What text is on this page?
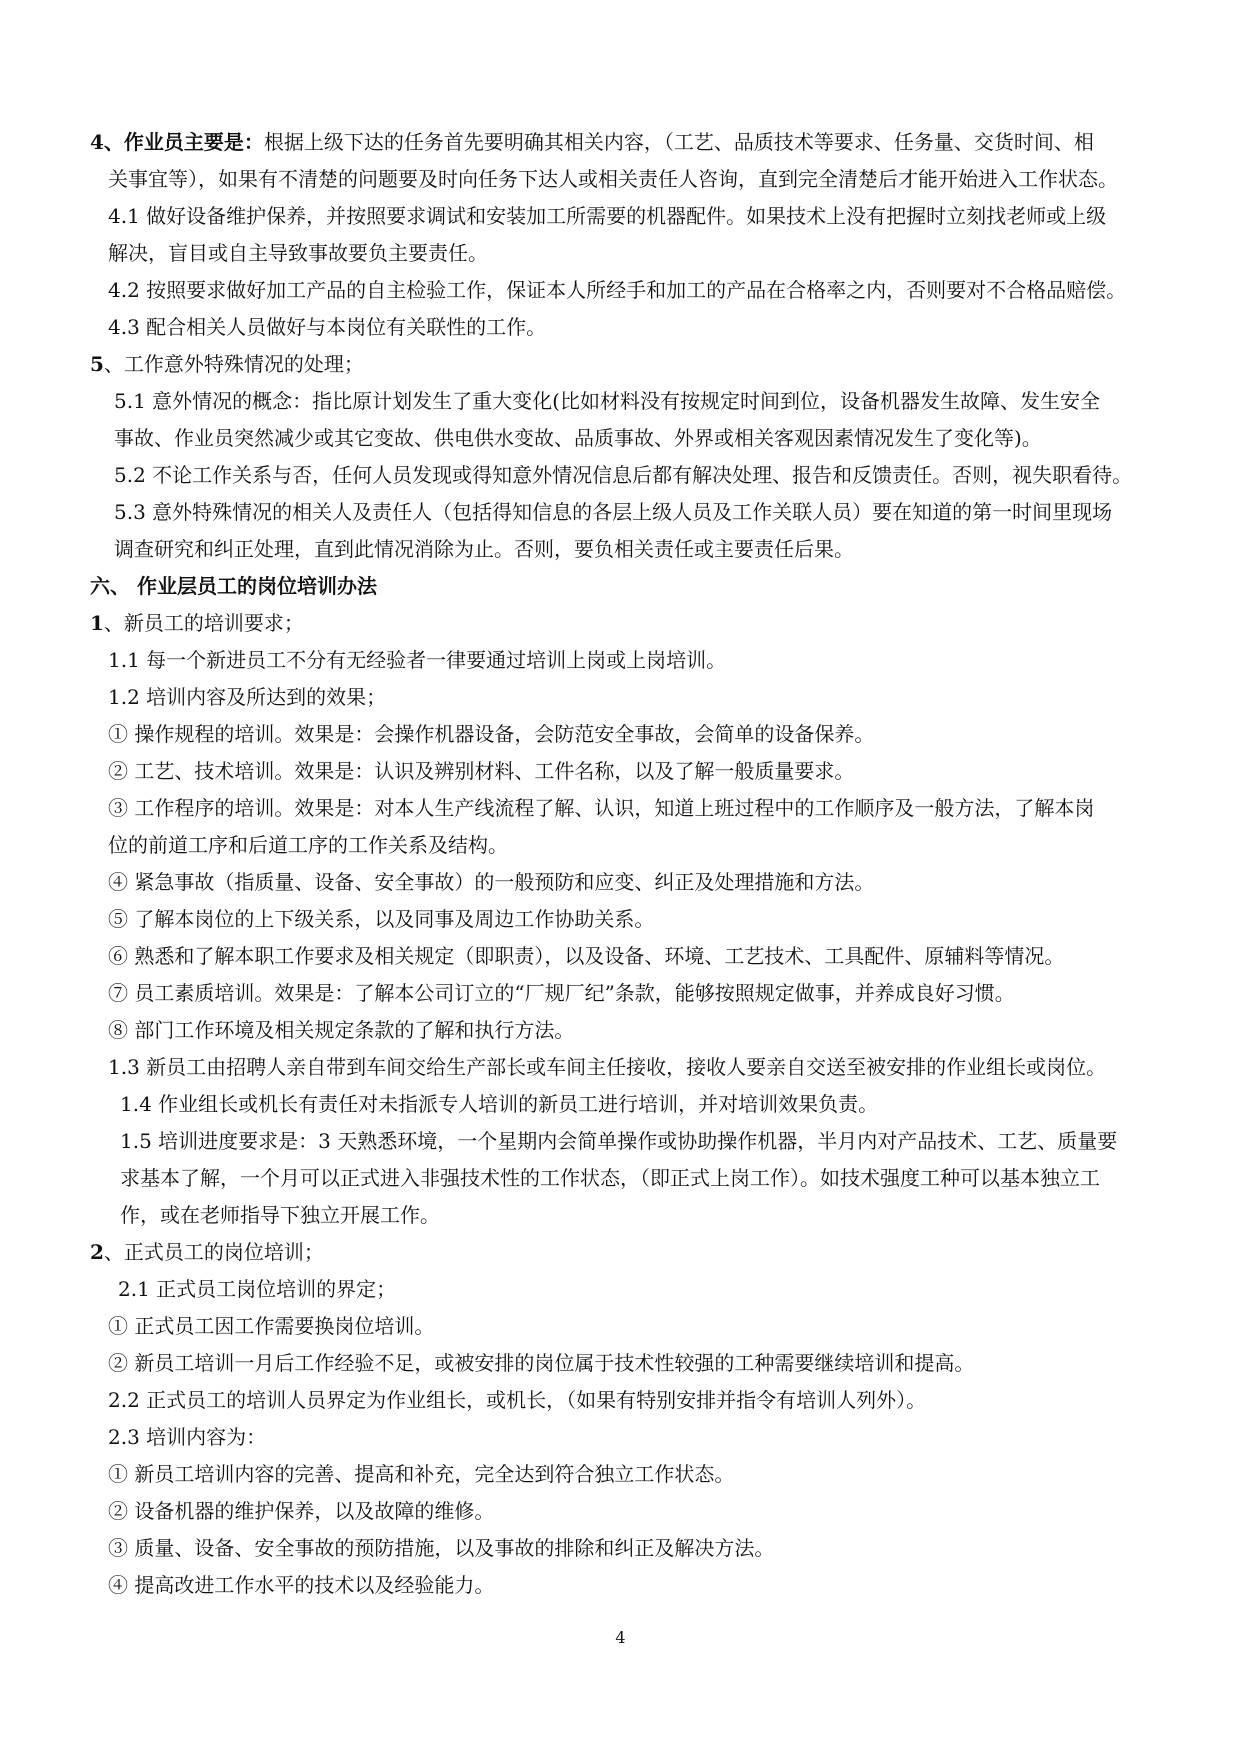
4、作业员主要是：根据上级下达的任务首先要明确其相关内容，（工艺、品质技术等要求、任务量、交货时间、相
关事宜等），如果有不清楚的问题要及时向任务下达人或相关责任人咨询，直到完全清楚后才能开始进入工作状态。
4.1 做好设备维护保养，并按照要求调试和安装加工所需要的机器配件。如果技术上没有把握时立刻找老师或上级
解决，盲目或自主导致事故要负主要责任。
4.2 按照要求做好加工产品的自主检验工作，保证本人所经手和加工的产品在合格率之内，否则要对不合格品赔偿。
4.3 配合相关人员做好与本岗位有关联性的工作。
5、工作意外特殊情况的处理；
5.1 意外情况的概念：指比原计划发生了重大变化(比如材料没有按规定时间到位，设备机器发生故障、发生安全
事故、作业员突然减少或其它变故、供电供水变故、品质事故、外界或相关客观因素情况发生了变化等)。
5.2 不论工作关系与否，任何人员发现或得知意外情况信息后都有解决处理、报告和反馈责任。否则，视失职看待。
5.3 意外特殊情况的相关人及责任人（包括得知信息的各层上级人员及工作关联人员）要在知道的第一时间里现场
调查研究和纠正处理，直到此情况消除为止。否则，要负相关责任或主要责任后果。
六、 作业层员工的岗位培训办法
1、新员工的培训要求；
1.1 每一个新进员工不分有无经验者一律要通过培训上岗或上岗培训。
1.2 培训内容及所达到的效果；
① 操作规程的培训。效果是：会操作机器设备，会防范安全事故，会简单的设备保养。
② 工艺、技术培训。效果是：认识及辨别材料、工件名称，以及了解一般质量要求。
③ 工作程序的培训。效果是：对本人生产线流程了解、认识，知道上班过程中的工作顺序及一般方法，了解本岗
位的前道工序和后道工序的工作关系及结构。
④ 紧急事故（指质量、设备、安全事故）的一般预防和应变、纠正及处理措施和方法。
⑤ 了解本岗位的上下级关系，以及同事及周边工作协助关系。
⑥ 熟悉和了解本职工作要求及相关规定（即职责），以及设备、环境、工艺技术、工具配件、原辅料等情况。
⑦ 员工素质培训。效果是：了解本公司订立的“厂规厂纪”条款，能够按照规定做事，并养成良好习惯。
⑧ 部门工作环境及相关规定条款的了解和执行方法。
1.3 新员工由招聘人亲自带到车间交给生产部长或车间主任接收，接收人要亲自交送至被安排的作业组长或岗位。
1.4 作业组长或机长有责任对未指派专人培训的新员工进行培训，并对培训效果负责。
1.5 培训进度要求是：3 天熟悉环境，一个星期内会简单操作或协助操作机器，半月内对产品技术、工艺、质量要
求基本了解，一个月可以正式进入非强技术性的工作状态，（即正式上岗工作）。如技术强度工种可以基本独立工
作，或在老师指导下独立开展工作。
2、正式员工的岗位培训；
2.1 正式员工岗位培训的界定；
① 正式员工因工作需要换岗位培训。
② 新员工培训一月后工作经验不足，或被安排的岗位属于技术性较强的工种需要继续培训和提高。
2.2 正式员工的培训人员界定为作业组长，或机长，（如果有特别安排并指令有培训人列外）。
2.3 培训内容为：
① 新员工培训内容的完善、提高和补充，完全达到符合独立工作状态。
② 设备机器的维护保养，以及故障的维修。
③ 质量、设备、安全事故的预防措施，以及事故的排除和纠正及解决方法。
④ 提高改进工作水平的技术以及经验能力。
4
